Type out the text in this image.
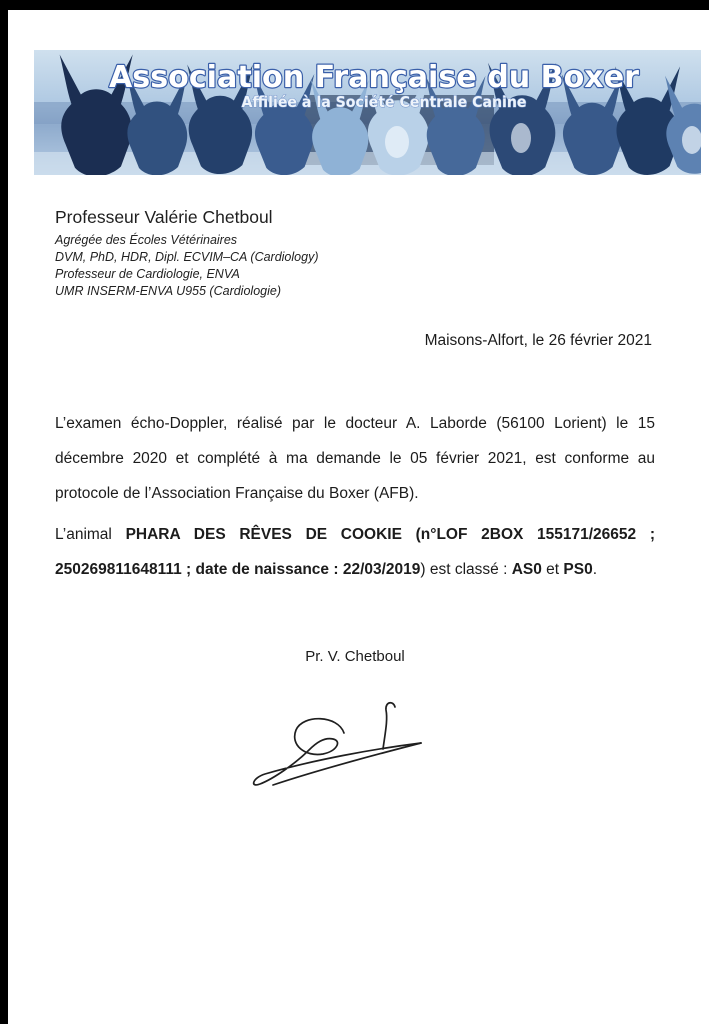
Association Française du Boxer
Affiliée à la Société Centrale Canine
Professeur Valérie Chetboul
Agrégée des Écoles Vétérinaires
DVM, PhD, HDR, Dipl. ECVIM–CA (Cardiology)
Professeur de Cardiologie, ENVA
UMR INSERM-ENVA U955 (Cardiologie)
Maisons-Alfort, le 26 février 2021

L’examen écho-Doppler, réalisé par le docteur A. Laborde (56100 Lorient) le 15 décembre 2020 et complété à ma demande le 05 février 2021, est conforme au protocole de l’Association Française du Boxer (AFB).

L’animal PHARA DES RÊVES DE COOKIE (n°LOF 2BOX 155171/26652 ; 250269811648111 ; date de naissance : 22/03/2019) est classé : AS0 et PS0.

Pr. V. Chetboul
